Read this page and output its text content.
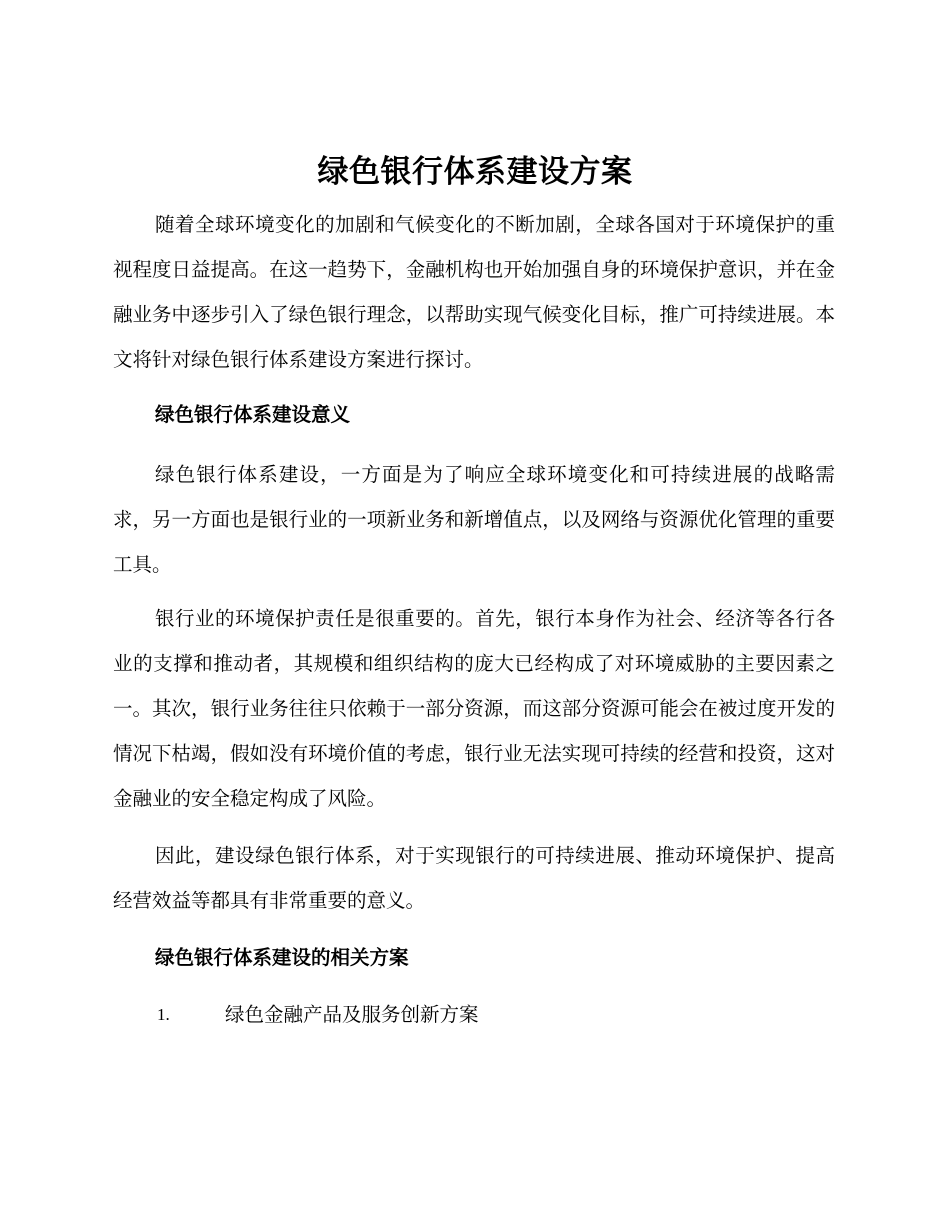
绿色银行体系建设方案
随着全球环境变化的加剧和气候变化的不断加剧，全球各国对于环境保护的重视程度日益提高。在这一趋势下，金融机构也开始加强自身的环境保护意识，并在金融业务中逐步引入了绿色银行理念，以帮助实现气候变化目标，推广可持续进展。本文将针对绿色银行体系建设方案进行探讨。
绿色银行体系建设意义
绿色银行体系建设，一方面是为了响应全球环境变化和可持续进展的战略需求，另一方面也是银行业的一项新业务和新增值点，以及网络与资源优化管理的重要工具。
银行业的环境保护责任是很重要的。首先，银行本身作为社会、经济等各行各业的支撑和推动者，其规模和组织结构的庞大已经构成了对环境威胁的主要因素之一。其次，银行业务往往只依赖于一部分资源，而这部分资源可能会在被过度开发的情况下枯竭，假如没有环境价值的考虑，银行业无法实现可持续的经营和投资，这对金融业的安全稳定构成了风险。
因此，建设绿色银行体系，对于实现银行的可持续进展、推动环境保护、提高经营效益等都具有非常重要的意义。
绿色银行体系建设的相关方案
1.	绿色金融产品及服务创新方案
